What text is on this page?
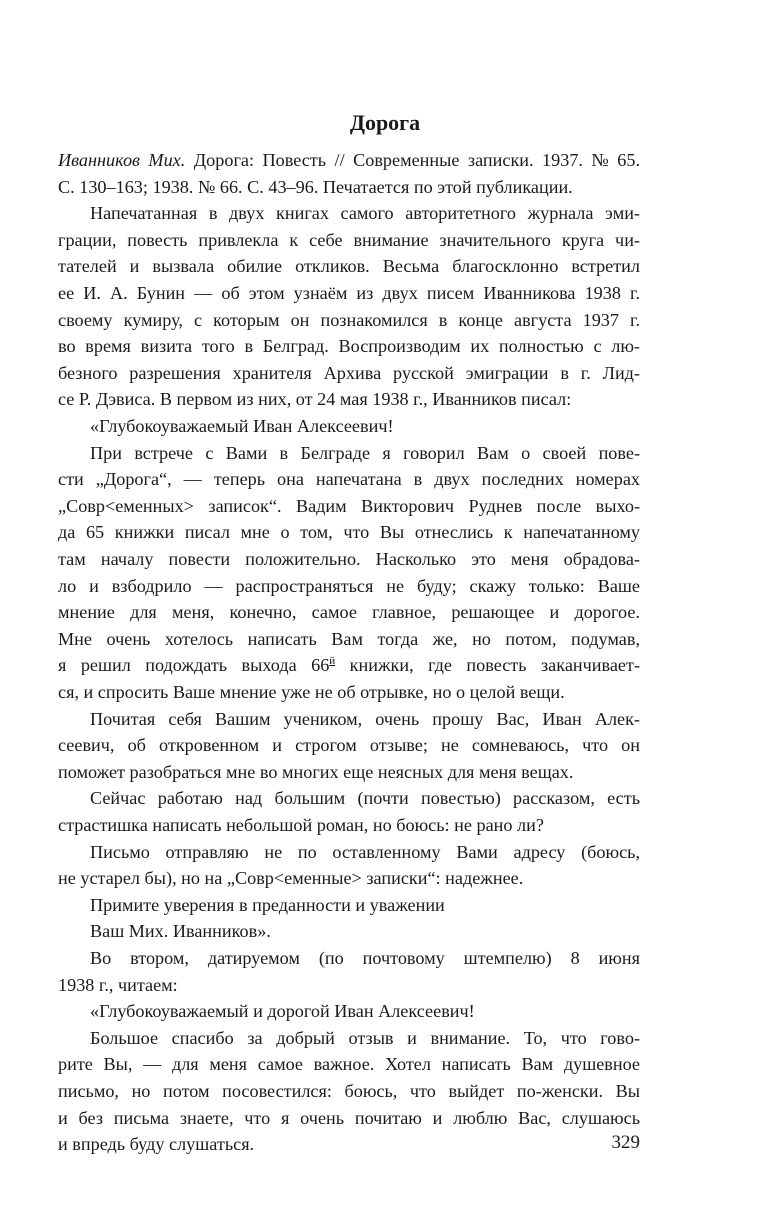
Дорога
Иванников Мих. Дорога: Повесть // Современные записки. 1937. № 65.
С. 130–163; 1938. № 66. С. 43–96. Печатается по этой публикации.
Напечатанная в двух книгах самого авторитетного журнала эми-
грации, повесть привлекла к себе внимание значительного круга чи-
тателей и вызвала обилие откликов. Весьма благосклонно встретил
ее И. А. Бунин — об этом узнаём из двух писем Иванникова 1938 г.
своему кумиру, с которым он познакомился в конце августа 1937 г.
во время визита того в Белград. Воспроизводим их полностью с лю-
безного разрешения хранителя Архива русской эмиграции в г. Лид-
се Р. Дэвиса. В первом из них, от 24 мая 1938 г., Иванников писал:
«Глубокоуважаемый Иван Алексеевич!
При встрече с Вами в Белграде я говорил Вам о своей пове-
сти „Дорога“, — теперь она напечатана в двух последних номерах
„Совр<еменных> записок“. Вадим Викторович Руднев после выхо-
да 65 книжки писал мне о том, что Вы отнеслись к напечатанному
там началу повести положительно. Насколько это меня обрадова-
ло и взбодрило — распространяться не буду; скажу только: Ваше
мнение для меня, конечно, самое главное, решающее и дорогое.
Мне очень хотелось написать Вам тогда же, но потом, подумав,
я решил подождать выхода $66^й$ книжки, где повесть заканчивает-
ся, и спросить Ваше мнение уже не об отрывке, но о целой вещи.
Почитая себя Вашим учеником, очень прошу Вас, Иван Алек-
сеевич, об откровенном и строгом отзыве; не сомневаюсь, что он
поможет разобраться мне во многих еще неясных для меня вещах.
Сейчас работаю над большим (почти повестью) рассказом, есть
страстишка написать небольшой роман, но боюсь: не рано ли?
Письмо отправляю не по оставленному Вами адресу (боюсь,
не устарел бы), но на „Совр<еменные> записки“: надежнее.
Примите уверения в преданности и уважении
Ваш Мих. Иванников».
Во втором, датируемом (по почтовому штемпелю) 8 июня
1938 г., читаем:
«Глубокоуважаемый и дорогой Иван Алексеевич!
Большое спасибо за добрый отзыв и внимание. То, что гово-
рите Вы, — для меня самое важное. Хотел написать Вам душевное
письмо, но потом посовестился: боюсь, что выйдет по-женски. Вы
и без письма знаете, что я очень почитаю и люблю Вас, слушаюсь
и впредь буду слушаться.	329
